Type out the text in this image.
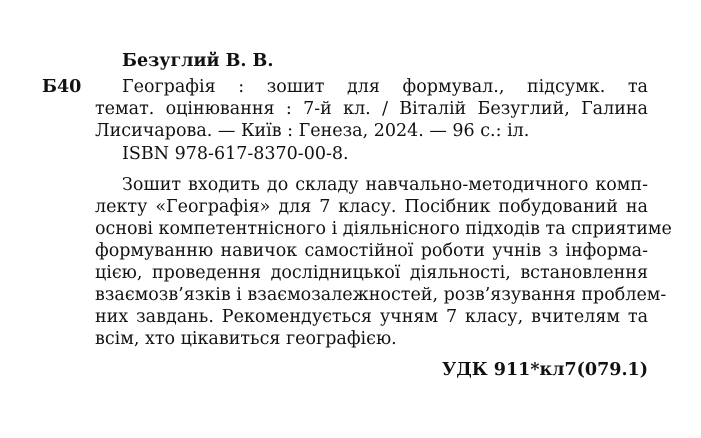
Безуглий В. В.
Б40 Географія : зошит для формувал., підсумк. та
темат. оцінювання : 7-й кл. / Віталій Безуглий, Галина
Лисичарова. — Київ : Генеза, 2024. — 96 с.: іл.
ISBN 978-617-8370-00-8.
Зошит входить до складу навчально-методичного комп-
лекту «Географія» для 7 класу. Посібник побудований на
основі компетентнісного і діяльнісного підходів та сприятиме
формуванню навичок самостійної роботи учнів з інформа-
цією, проведення дослідницької діяльності, встановлення
взаємозв’язків і взаємозалежностей, розв’язування проблем-
них завдань. Рекомендується учням 7 класу, вчителям та
всім, хто цікавиться географією.
УДК 911*кл7(079.1)
